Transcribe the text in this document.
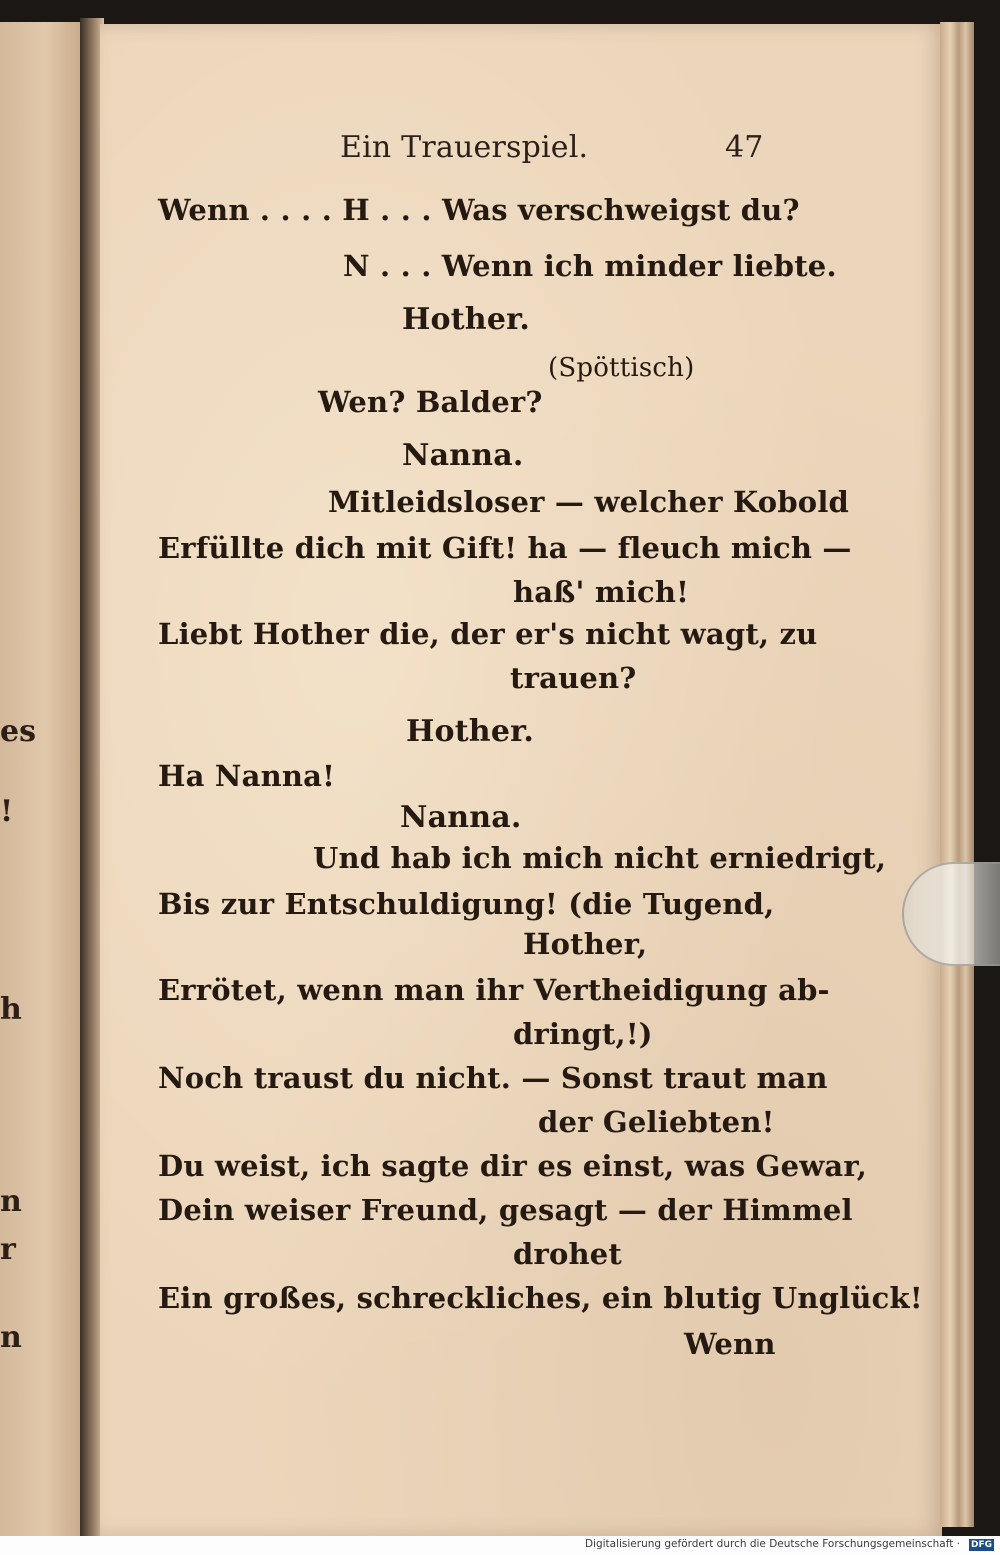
es
!
h
n
r
n
Ein Trauerspiel.	47
Wenn . . . . H . . . Was verschweigst du?
N . . . Wenn ich minder liebte.
Hother.
(Spöttisch)
Wen? Balder?
Nanna.
Mitleidsloser — welcher Kobold
Erfüllte dich mit Gift! ha — fleuch mich —
haß' mich!
Liebt Hother die, der er's nicht wagt, zu
trauen?
Hother.
Ha Nanna!
Nanna.
Und hab ich mich nicht erniedrigt,
Bis zur Entschuldigung! (die Tugend,
Hother,
Errötet, wenn man ihr Vertheidigung ab-
dringt,!)
Noch traust du nicht. — Sonst traut man
der Geliebten!
Du weist, ich sagte dir es einst, was Gewar,
Dein weiser Freund, gesagt — der Himmel
drohet
Ein großes, schreckliches, ein blutig Unglück!
Wenn
Digitalisierung gefördert durch die Deutsche Forschungsgemeinschaft · DFG
